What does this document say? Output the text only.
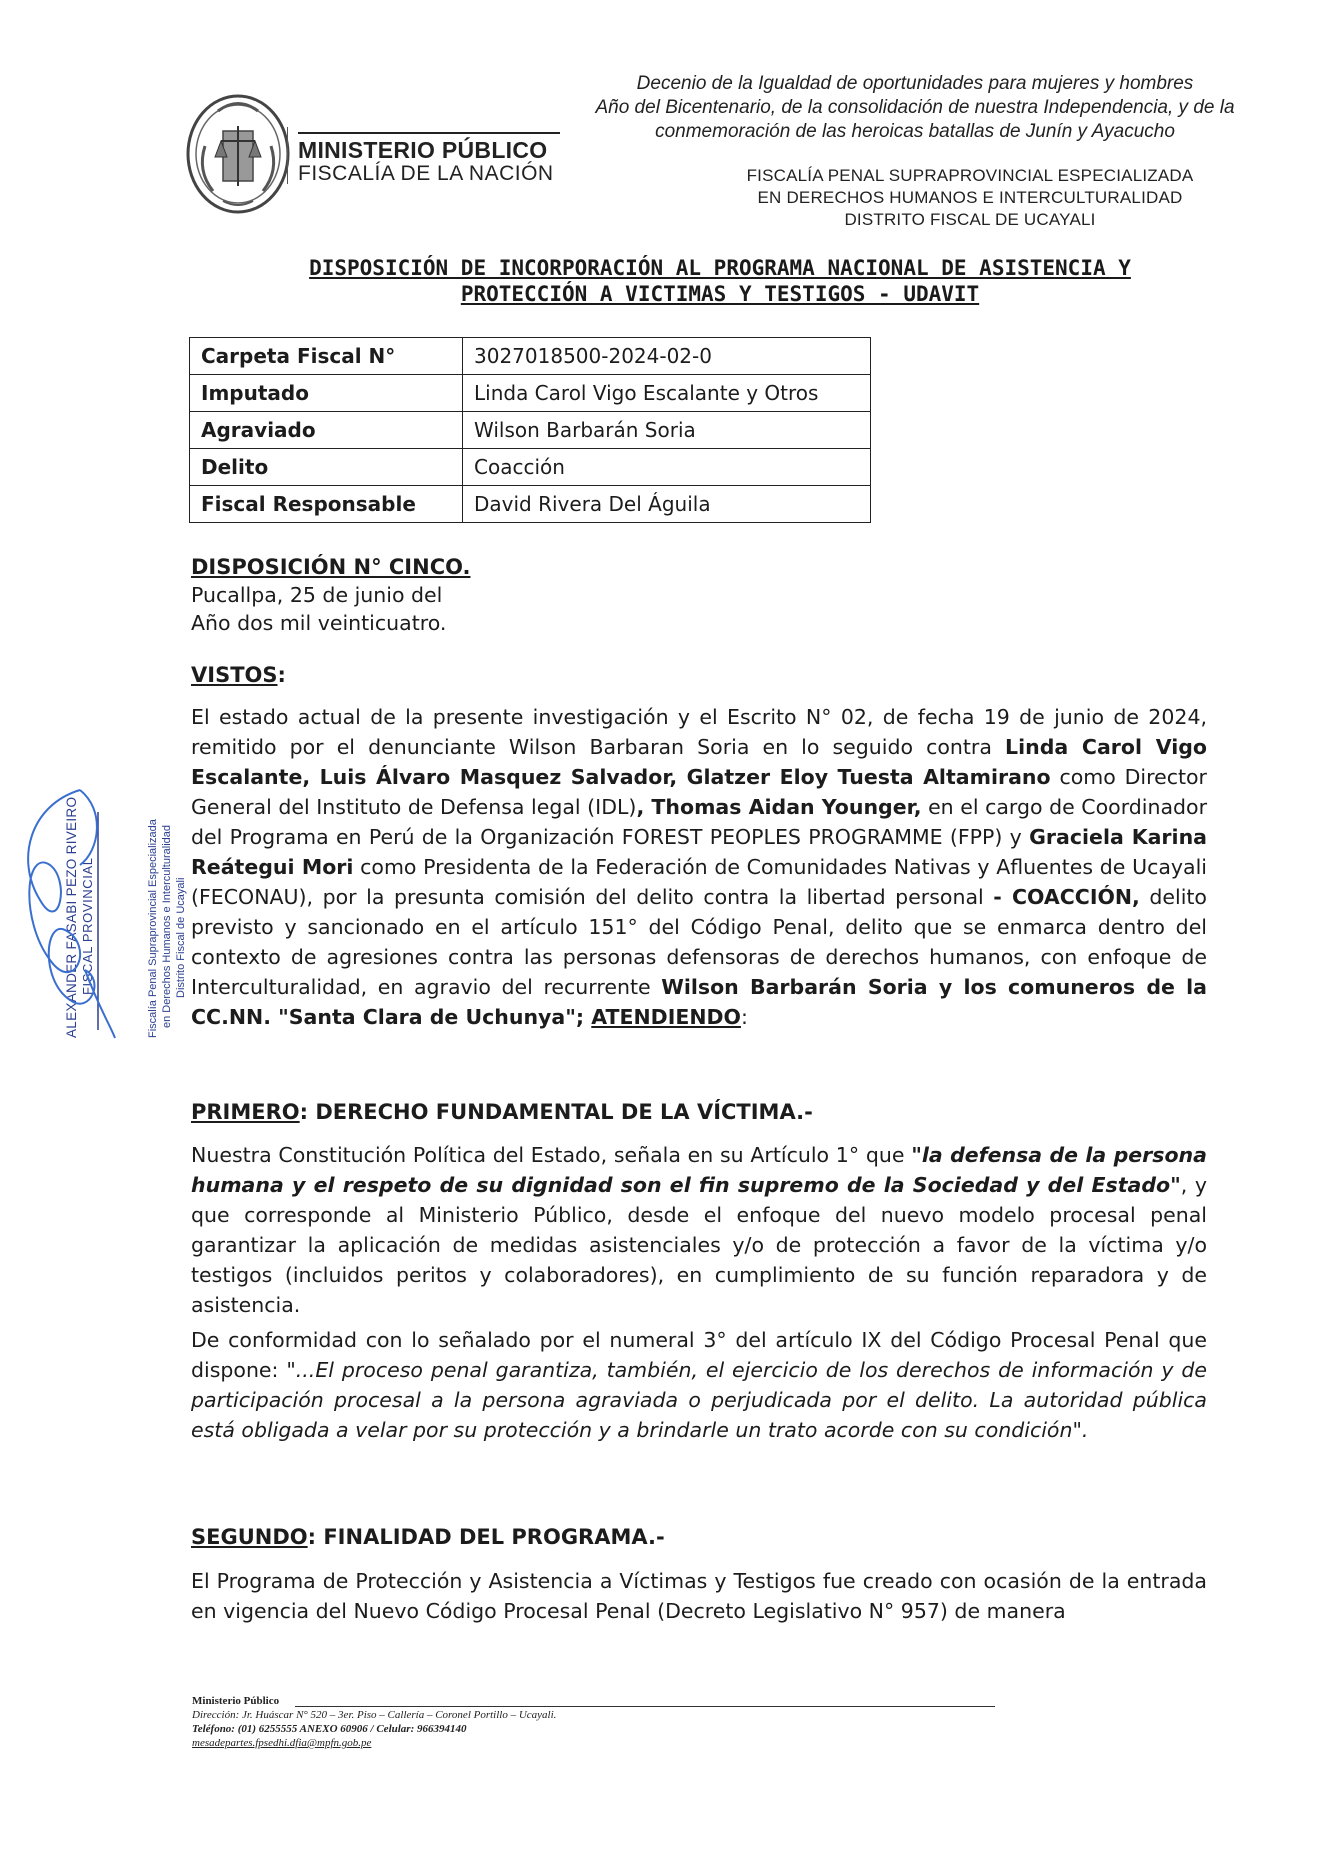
MINISTERIO PÚBLICO
FISCALÍA DE LA NACIÓN
Decenio de la Igualdad de oportunidades para mujeres y hombres
Año del Bicentenario, de la consolidación de nuestra Independencia, y de la
conmemoración de las heroicas batallas de Junín y Ayacucho
FISCALÍA PENAL SUPRAPROVINCIAL ESPECIALIZADA
EN DERECHOS HUMANOS E INTERCULTURALIDAD
DISTRITO FISCAL DE UCAYALI
DISPOSICIÓN DE INCORPORACIÓN AL PROGRAMA NACIONAL DE ASISTENCIA Y
PROTECCIÓN A VICTIMAS Y TESTIGOS - UDAVIT
Carpeta Fiscal N°	3027018500-2024-02-0
Imputado	Linda Carol Vigo Escalante y Otros
Agraviado	Wilson Barbarán Soria
Delito	Coacción
Fiscal Responsable	David Rivera Del Águila
DISPOSICIÓN N° CINCO.
Pucallpa, 25 de junio del
Año dos mil veinticuatro.
VISTOS:
El estado actual de la presente investigación y el Escrito N° 02, de fecha 19 de junio de 2024, remitido por el denunciante Wilson Barbaran Soria en lo seguido contra Linda Carol Vigo Escalante, Luis Álvaro Masquez Salvador, Glatzer Eloy Tuesta Altamirano como Director General del Instituto de Defensa legal (IDL), Thomas Aidan Younger, en el cargo de Coordinador del Programa en Perú de la Organización FOREST PEOPLES PROGRAMME (FPP) y Graciela Karina Reátegui Mori como Presidenta de la Federación de Comunidades Nativas y Afluentes de Ucayali (FECONAU), por la presunta comisión del delito contra la libertad personal - COACCIÓN, delito previsto y sancionado en el artículo 151° del Código Penal, delito que se enmarca dentro del contexto de agresiones contra las personas defensoras de derechos humanos, con enfoque de Interculturalidad, en agravio del recurrente Wilson Barbarán Soria y los comuneros de la CC.NN. "Santa Clara de Uchunya"; ATENDIENDO:
PRIMERO: DERECHO FUNDAMENTAL DE LA VÍCTIMA.-
Nuestra Constitución Política del Estado, señala en su Artículo 1° que "la defensa de la persona humana y el respeto de su dignidad son el fin supremo de la Sociedad y del Estado", y que corresponde al Ministerio Público, desde el enfoque del nuevo modelo procesal penal garantizar la aplicación de medidas asistenciales y/o de protección a favor de la víctima y/o testigos (incluidos peritos y colaboradores), en cumplimiento de su función reparadora y de asistencia.
De conformidad con lo señalado por el numeral 3° del artículo IX del Código Procesal Penal que dispone: "...El proceso penal garantiza, también, el ejercicio de los derechos de información y de participación procesal a la persona agraviada o perjudicada por el delito. La autoridad pública está obligada a velar por su protección y a brindarle un trato acorde con su condición".
SEGUNDO: FINALIDAD DEL PROGRAMA.-
El Programa de Protección y Asistencia a Víctimas y Testigos fue creado con ocasión de la entrada en vigencia del Nuevo Código Procesal Penal (Decreto Legislativo N° 957) de manera
ALEXANDER FASABI PEZO RIVEIRO FISCAL PROVINCIAL	Fiscalía Penal Supraprovincial Especializada en Derechos Humanos e Interculturalidad Distrito Fiscal de Ucayali
Ministerio Público
Dirección: Jr. Huáscar N° 520 – 3er. Piso – Callería – Coronel Portillo – Ucayali.
Teléfono: (01) 6255555 ANEXO 60906 / Celular: 966394140
mesadepartes.fpsedhi.dfia@mpfn.gob.pe
